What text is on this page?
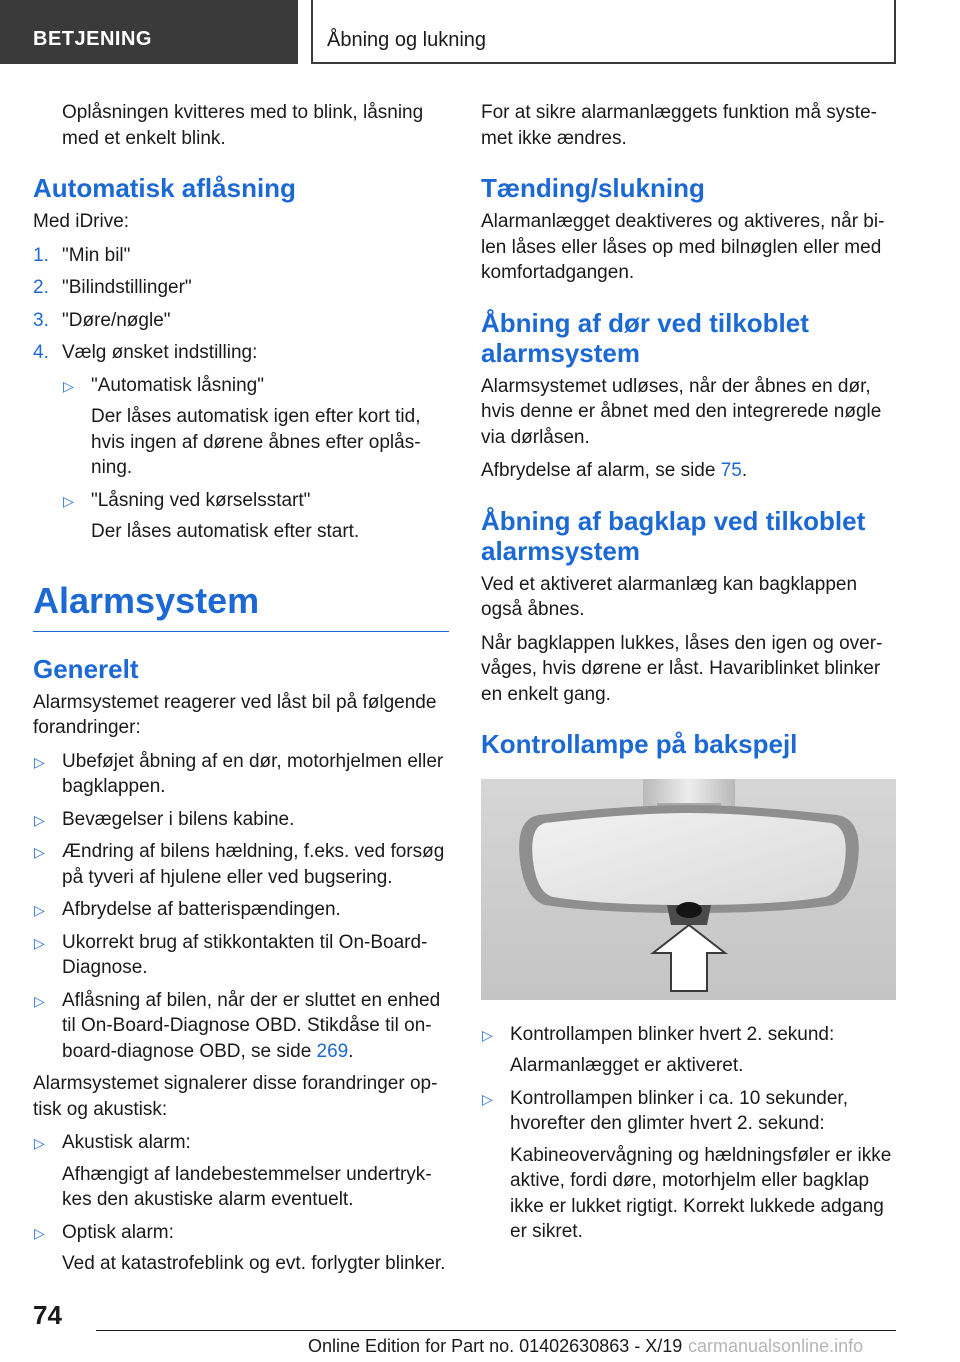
BETJENING	Åbning og lukning

Oplåsningen kvitteres med to blink, låsning med et enkelt blink.

Automatisk aflåsning

Med iDrive:

1. "Min bil"
2. "Bilindstillinger"
3. "Døre/nøgle"
4. Vælg ønsket indstilling:
▷ "Automatisk låsning"
Der låses automatisk igen efter kort tid, hvis ingen af dørene åbnes efter oplåsning.
▷ "Låsning ved kørselsstart"
Der låses automatisk efter start.
Alarmsystem
Generelt

Alarmsystemet reagerer ved låst bil på følgende forandringer:

▷ Ubeføjet åbning af en dør, motorhjelmen eller bagklappen.
▷ Bevægelser i bilens kabine.
▷ Ændring af bilens hældning, f.eks. ved forsøg på tyveri af hjulene eller ved bugsering.
▷ Afbrydelse af batterispændingen.
▷ Ukorrekt brug af stikkontakten til On-Board-Diagnose.
▷ Aflåsning af bilen, når der er sluttet en enhed til On-Board-Diagnose OBD. Stikdåse til onboard-diagnose OBD, se side 269.

Alarmsystemet signalerer disse forandringer optisk og akustisk:

▷ Akustisk alarm:
Afhængigt af landebestemmelser undertrykkes den akustiske alarm eventuelt.
▷ Optisk alarm:
Ved at katastrofeblink og evt. forlygter blinker.

For at sikre alarmanlæggets funktion må systemet ikke ændres.

Tænding/slukning

Alarmanlægget deaktiveres og aktiveres, når bilen låses eller låses op med bilnøglen eller med komfortadgangen.

Åbning af dør ved tilkoblet alarmsystem

Alarmsystemet udløses, når der åbnes en dør, hvis denne er åbnet med den integrerede nøgle via dørlåsen.

Afbrydelse af alarm, se side 75.

Åbning af bagklap ved tilkoblet alarmsystem

Ved et aktiveret alarmanlæg kan bagklappen også åbnes.

Når bagklappen lukkes, låses den igen og overvåges, hvis dørene er låst. Havariblinket blinker en enkelt gang.

Kontrollampe på bakspejl
▷ Kontrollampen blinker hvert 2. sekund:
Alarmanlægget er aktiveret.
▷ Kontrollampen blinker i ca. 10 sekunder, hvorefter den glimter hvert 2. sekund:
Kabineovervågning og hældningsføler er ikke aktive, fordi døre, motorhjelm eller bagklap ikke er lukket rigtigt. Korrekt lukkede adgang er sikret.
74
Online Edition for Part no. 01402630863 - X/19 carmanualsonline.info
